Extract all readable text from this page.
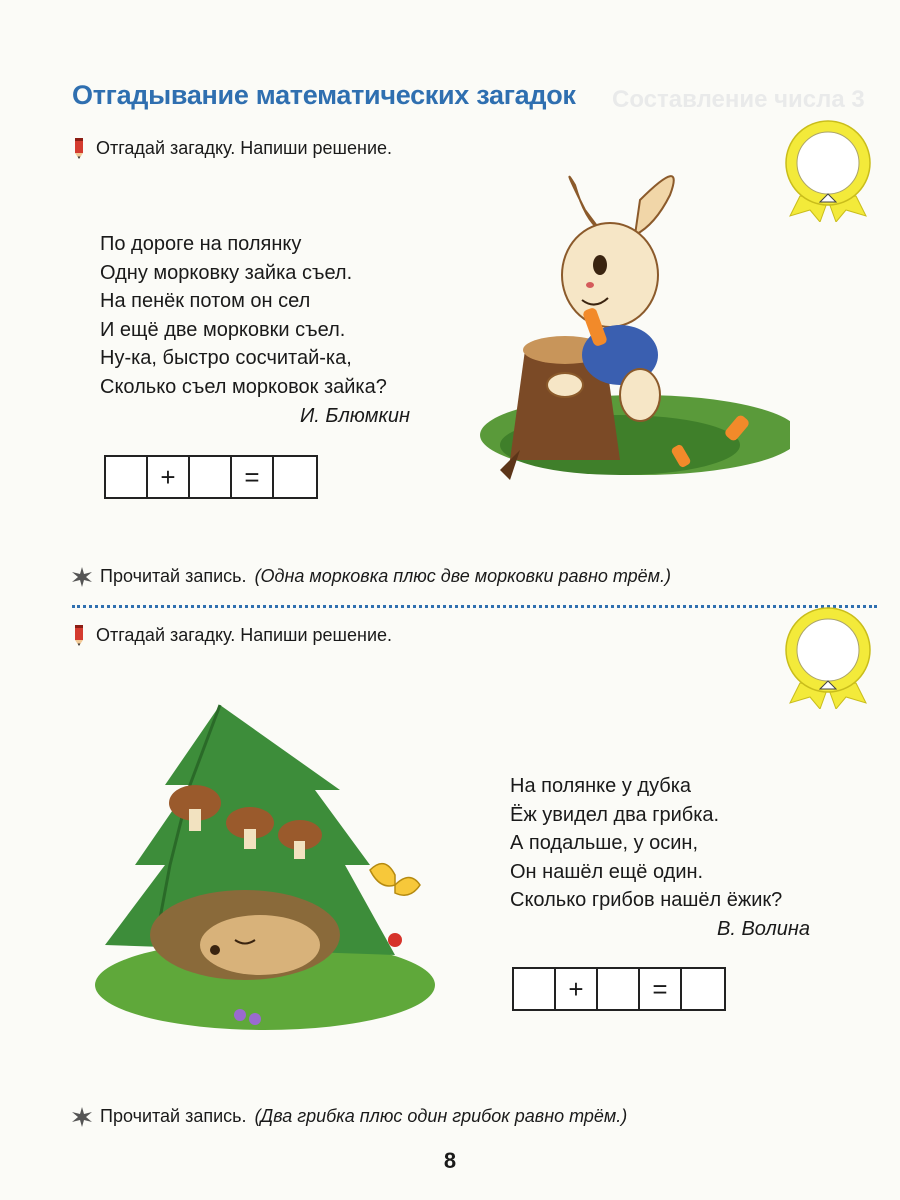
Составление числа 3
Отгадывание математических загадок
Отгадай загадку. Напиши решение.
По дороге на полянку
Одну морковку зайка съел.
На пенёк потом он сел
И ещё две морковки съел.
Ну-ка, быстро сосчитай-ка,
Сколько съел морковок зайка?
И. Блюмкин
+	=
Прочитай запись. (Одна морковка плюс две морковки равно трём.)
Отгадай загадку. Напиши решение.
На полянке у дубка
Ёж увидел два грибка.
А подальше, у осин,
Он нашёл ещё один.
Сколько грибов нашёл ёжик?
В. Волина
+	=
Прочитай запись. (Два грибка плюс один грибок равно трём.)
8
